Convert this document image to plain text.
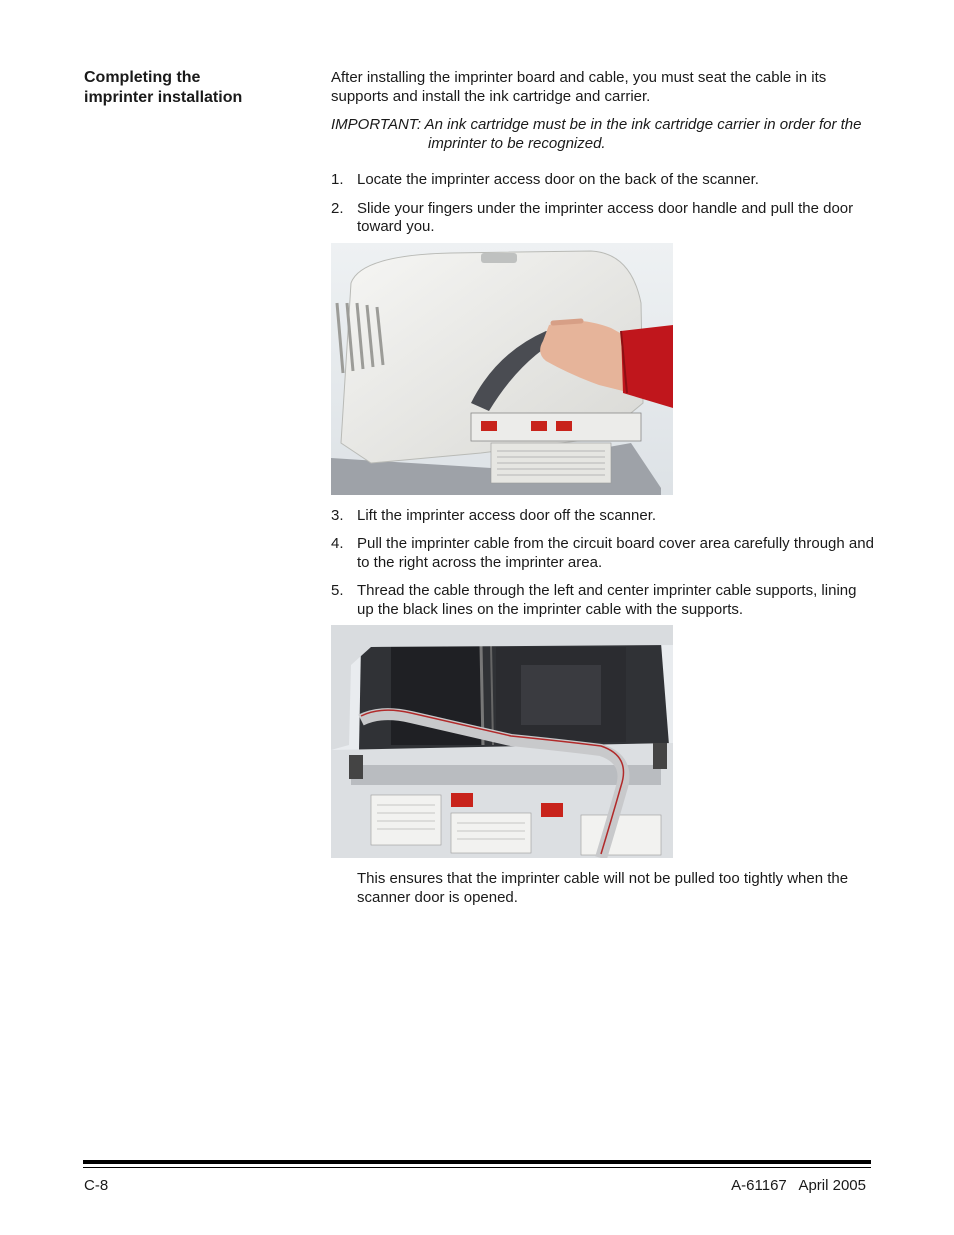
Completing the
imprinter installation

After installing the imprinter board and cable, you must seat the cable in its supports and install the ink cartridge and carrier.

IMPORTANT: An ink cartridge must be in the ink cartridge carrier in order for the imprinter to be recognized.

1. Locate the imprinter access door on the back of the scanner.
2. Slide your fingers under the imprinter access door handle and pull the door toward you.
3. Lift the imprinter access door off the scanner.
4. Pull the imprinter cable from the circuit board cover area carefully through and to the right across the imprinter area.
5. Thread the cable through the left and center imprinter cable supports, lining up the black lines on the imprinter cable with the supports.

This ensures that the imprinter cable will not be pulled too tightly when the scanner door is opened.

C-8	A-61167   April 2005
